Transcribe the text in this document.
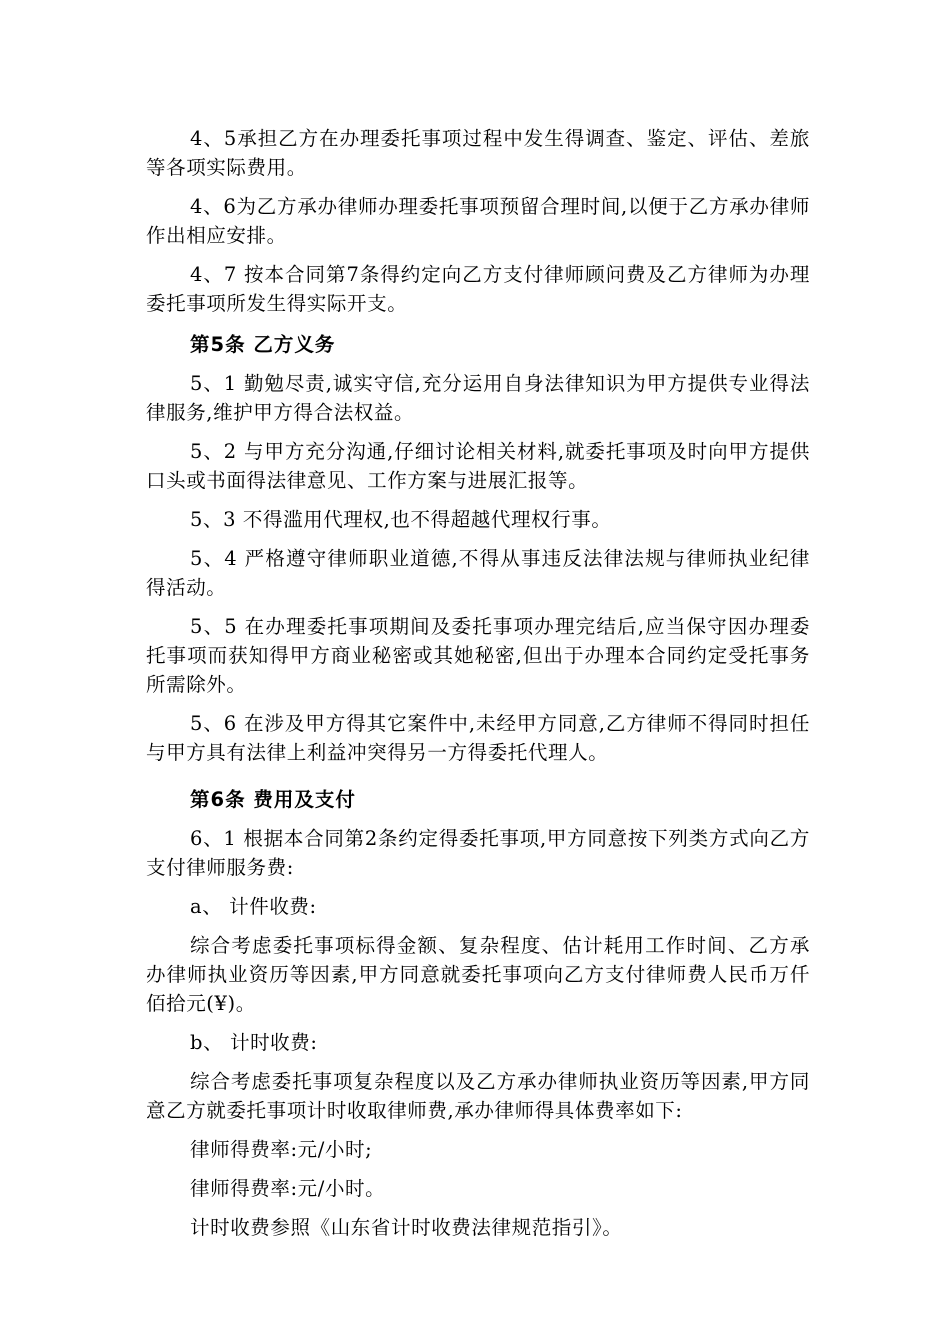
4、5承担乙方在办理委托事项过程中发生得调查、鉴定、评估、差旅等各项实际费用。

4、6为乙方承办律师办理委托事项预留合理时间,以便于乙方承办律师作出相应安排。

4、7 按本合同第7条得约定向乙方支付律师顾问费及乙方律师为办理委托事项所发生得实际开支。

第5条 乙方义务

5、1 勤勉尽责,诚实守信,充分运用自身法律知识为甲方提供专业得法律服务,维护甲方得合法权益。

5、2 与甲方充分沟通,仔细讨论相关材料,就委托事项及时向甲方提供口头或书面得法律意见、工作方案与进展汇报等。

5、3 不得滥用代理权,也不得超越代理权行事。

5、4 严格遵守律师职业道德,不得从事违反法律法规与律师执业纪律得活动。

5、5 在办理委托事项期间及委托事项办理完结后,应当保守因办理委托事项而获知得甲方商业秘密或其她秘密,但出于办理本合同约定受托事务所需除外。

5、6 在涉及甲方得其它案件中,未经甲方同意,乙方律师不得同时担任与甲方具有法律上利益冲突得另一方得委托代理人。

第6条 费用及支付

6、1 根据本合同第2条约定得委托事项,甲方同意按下列类方式向乙方支付律师服务费:

a、 计件收费:

综合考虑委托事项标得金额、复杂程度、估计耗用工作时间、乙方承办律师执业资历等因素,甲方同意就委托事项向乙方支付律师费人民币万仟佰拾元(¥)。

b、 计时收费:

综合考虑委托事项复杂程度以及乙方承办律师执业资历等因素,甲方同意乙方就委托事项计时收取律师费,承办律师得具体费率如下:

律师得费率:元/小时;

律师得费率:元/小时。

计时收费参照《山东省计时收费法律规范指引》。
